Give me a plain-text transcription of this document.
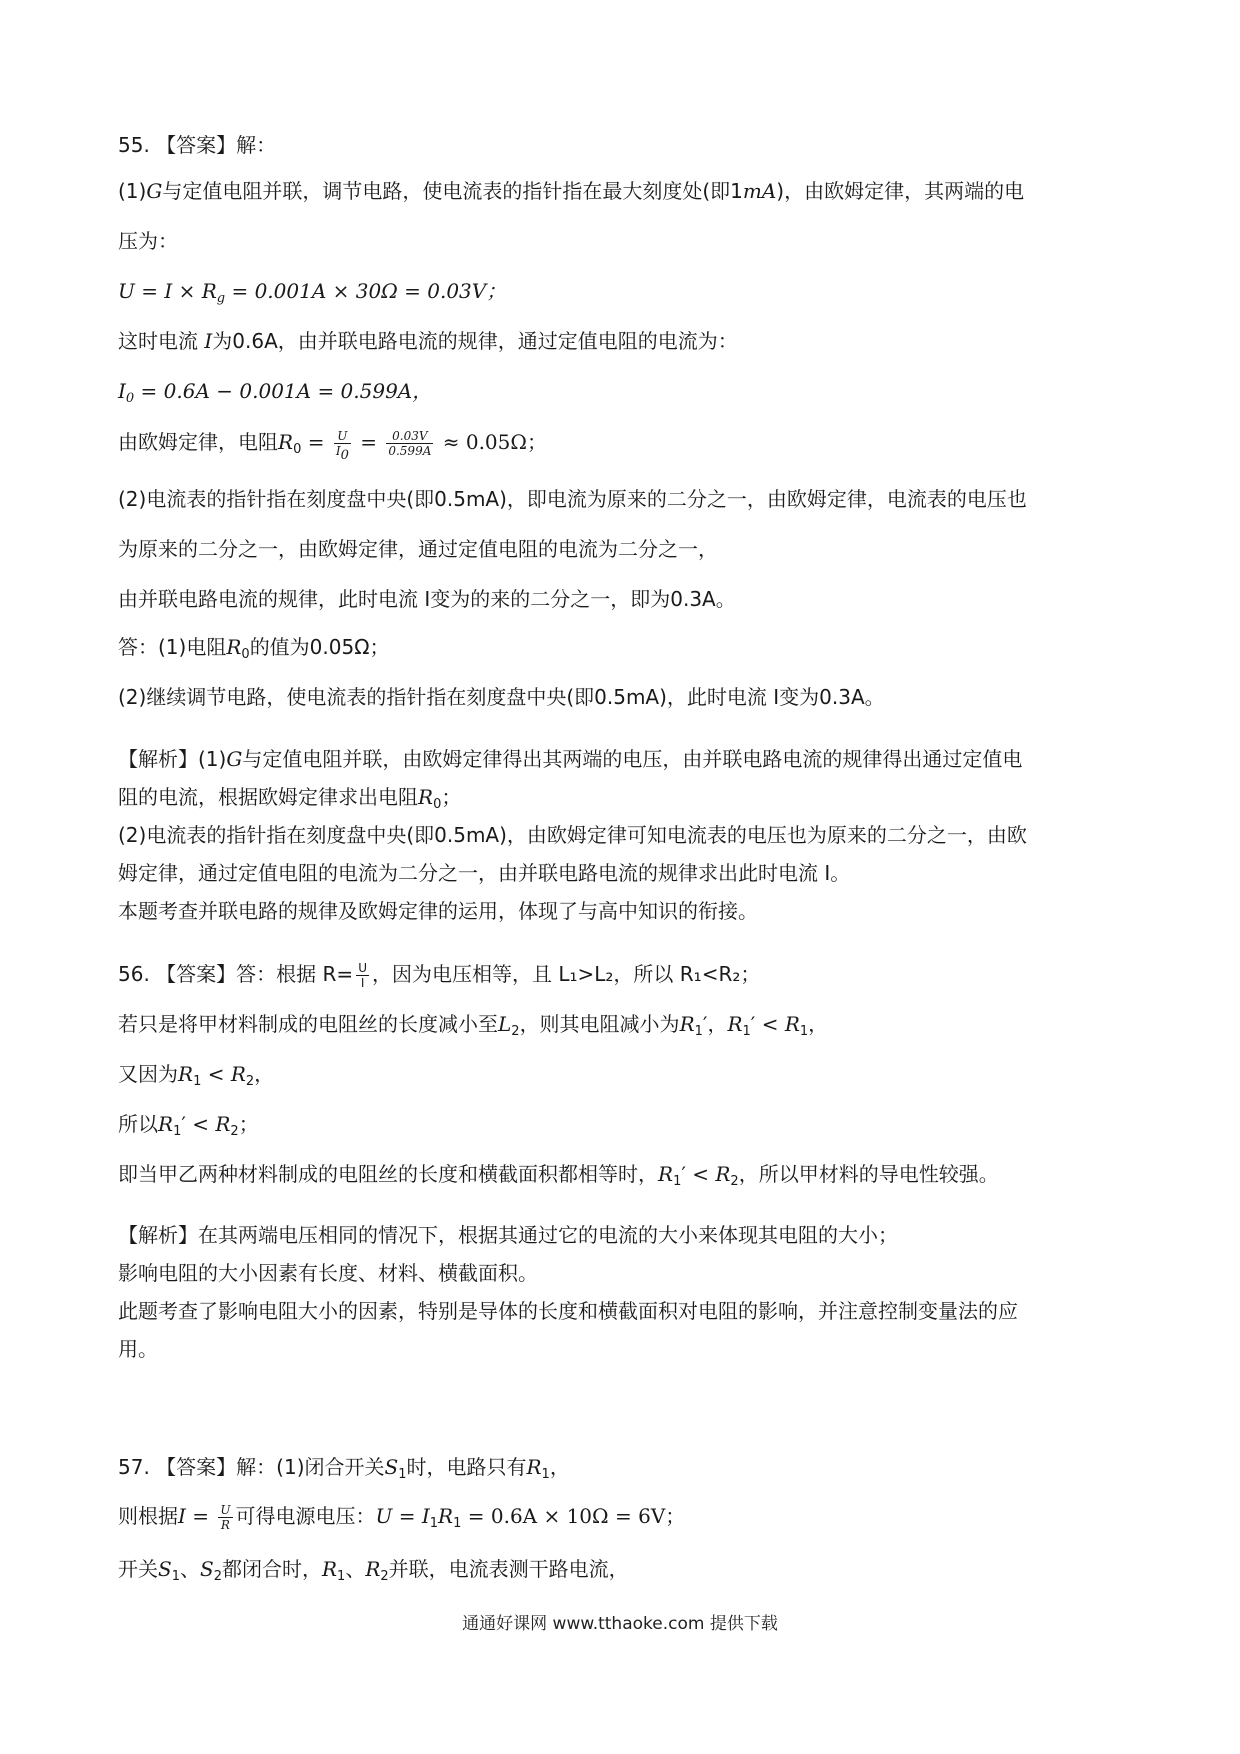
55. 【答案】解：
(1)G与定值电阻并联，调节电路，使电流表的指针指在最大刻度处(即1mA)，由欧姆定律，其两端的电
压为：
$U = I \times R_g = 0.001A \times 30\Omega = 0.03V$；
这时电流 I为0.6A，由并联电路电流的规律，通过定值电阻的电流为：
$I_0 = 0.6A - 0.001A = 0.599A$，
由欧姆定律，电阻$R_0 = \frac{U}{I_0} = \frac{0.03V}{0.599A} \approx 0.05\Omega$；
(2)电流表的指针指在刻度盘中央(即0.5mA)，即电流为原来的二分之一，由欧姆定律，电流表的电压也
为原来的二分之一，由欧姆定律，通过定值电阻的电流为二分之一，
由并联电路电流的规律，此时电流 I变为的来的二分之一，即为0.3A。
答：(1)电阻$R_0$的值为0.05Ω；
(2)继续调节电路，使电流表的指针指在刻度盘中央(即0.5mA)，此时电流 I变为0.3A。
【解析】(1)G与定值电阻并联，由欧姆定律得出其两端的电压，由并联电路电流的规律得出通过定值电
阻的电流，根据欧姆定律求出电阻$R_0$；
(2)电流表的指针指在刻度盘中央(即0.5mA)，由欧姆定律可知电流表的电压也为原来的二分之一，由欧
姆定律，通过定值电阻的电流为二分之一，由并联电路电流的规律求出此时电流 I。
本题考查并联电路的规律及欧姆定律的运用，体现了与高中知识的衔接。
56. 【答案】答：根据 $R= \frac{U}{I}$ ，因为电压相等，且 L₁>L₂，所以 R₁<R₂；
若只是将甲材料制成的电阻丝的长度减小至$L_2$，则其电阻减小为$R_1'$，$R_1' < R_1$，
又因为$R_1 < R_2$，
所以$R_1' < R_2$；
即当甲乙两种材料制成的电阻丝的长度和横截面积都相等时，$R_1' < R_2$，所以甲材料的导电性较强。
【解析】在其两端电压相同的情况下，根据其通过它的电流的大小来体现其电阻的大小；
影响电阻的大小因素有长度、材料、横截面积。
此题考查了影响电阻大小的因素，特别是导体的长度和横截面积对电阻的影响，并注意控制变量法的应
用。
57. 【答案】解：(1)闭合开关$S_1$时，电路只有$R_1$，
则根据$I = \frac{U}{R}$ 可得电源电压：$U = I_1R_1 = 0.6A \times 10\Omega = 6V$；
开关$S_1$、$S_2$都闭合时，$R_1$、$R_2$并联，电流表测干路电流，
通通好课网 www.tthaoke.com 提供下载
